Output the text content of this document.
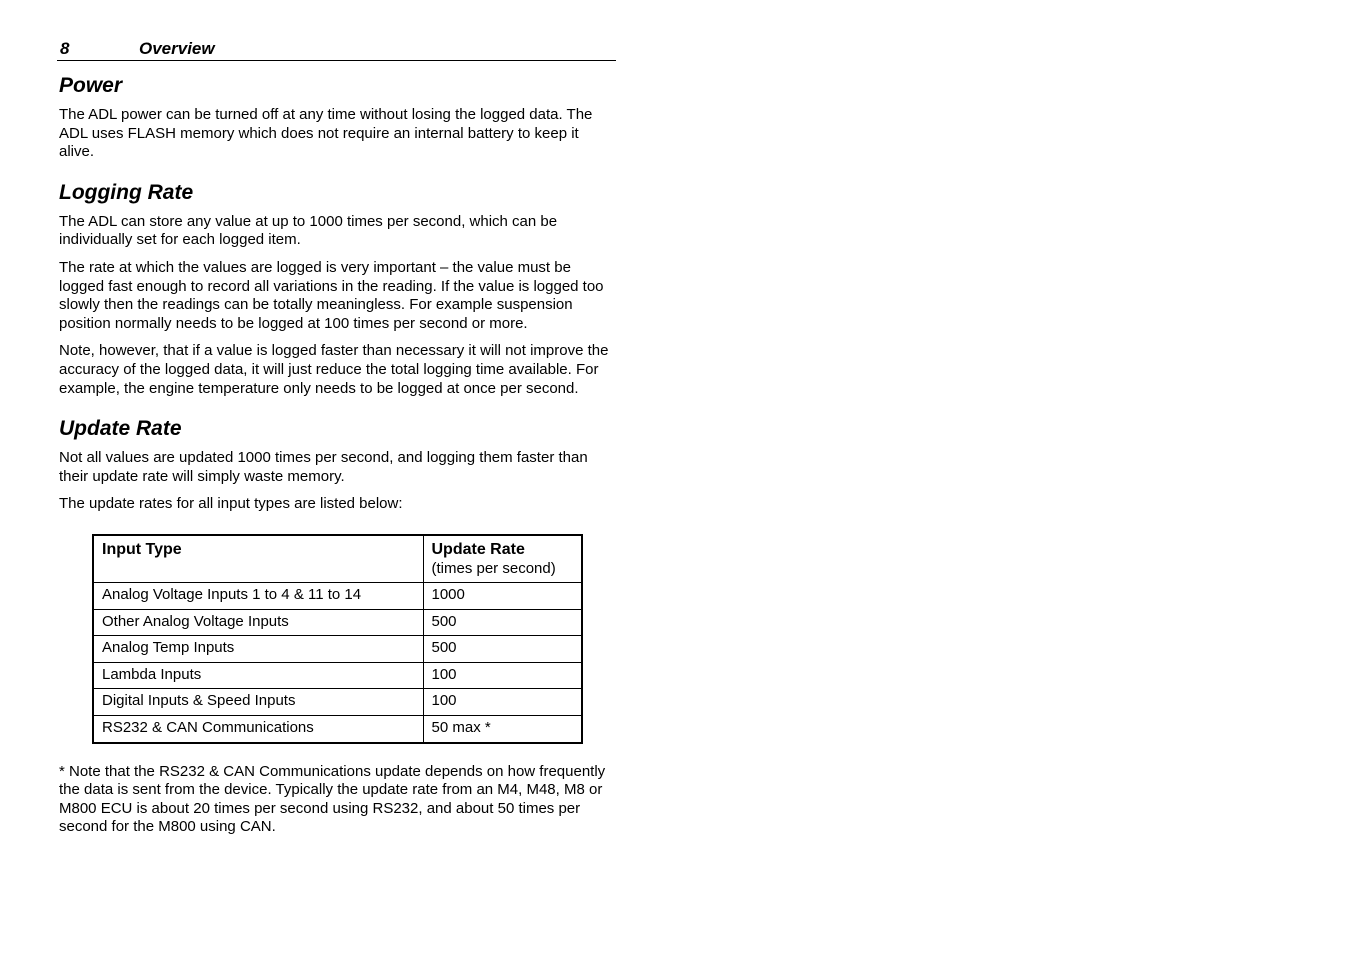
8	Overview
Power

The ADL power can be turned off at any time without losing the logged data. The ADL uses FLASH memory which does not require an internal battery to keep it alive.

Logging Rate

The ADL can store any value at up to 1000 times per second, which can be individually set for each logged item.

The rate at which the values are logged is very important – the value must be logged fast enough to record all variations in the reading. If the value is logged too slowly then the readings can be totally meaningless. For example suspension position normally needs to be logged at 100 times per second or more.

Note, however, that if a value is logged faster than necessary it will not improve the accuracy of the logged data, it will just reduce the total logging time available. For example, the engine temperature only needs to be logged at once per second.

Update Rate

Not all values are updated 1000 times per second, and logging them faster than their update rate will simply waste memory.

The update rates for all input types are listed below:

Input Type	Update Rate
(times per second)

Analog Voltage Inputs 1 to 4 & 11 to 14	1000
Other Analog Voltage Inputs	500
Analog Temp Inputs	500
Lambda Inputs	100
Digital Inputs & Speed Inputs	100
RS232 & CAN Communications	50 max *

* Note that the RS232 & CAN Communications update depends on how frequently the data is sent from the device. Typically the update rate from an M4, M48, M8 or M800 ECU is about 20 times per second using RS232, and about 50 times per second for the M800 using CAN.
